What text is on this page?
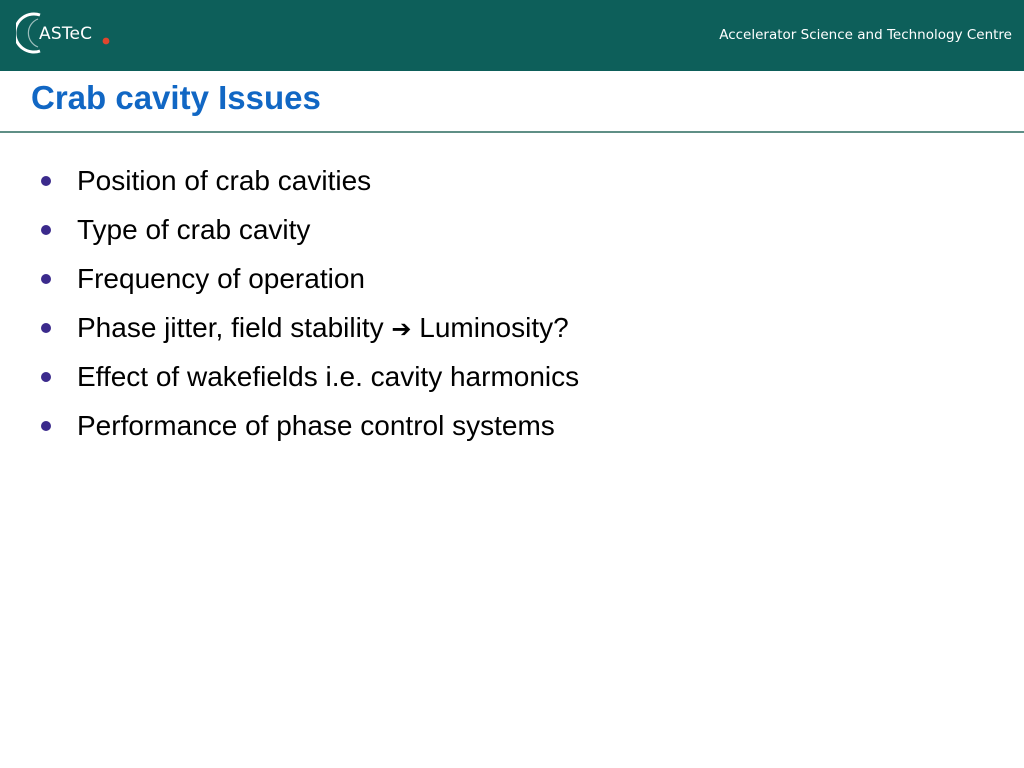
ASTeC	Accelerator Science and Technology Centre
Crab cavity Issues
Position of crab cavities
Type of crab cavity
Frequency of operation
Phase jitter, field stability ➔ Luminosity?
Effect of wakefields i.e. cavity harmonics
Performance of phase control systems
